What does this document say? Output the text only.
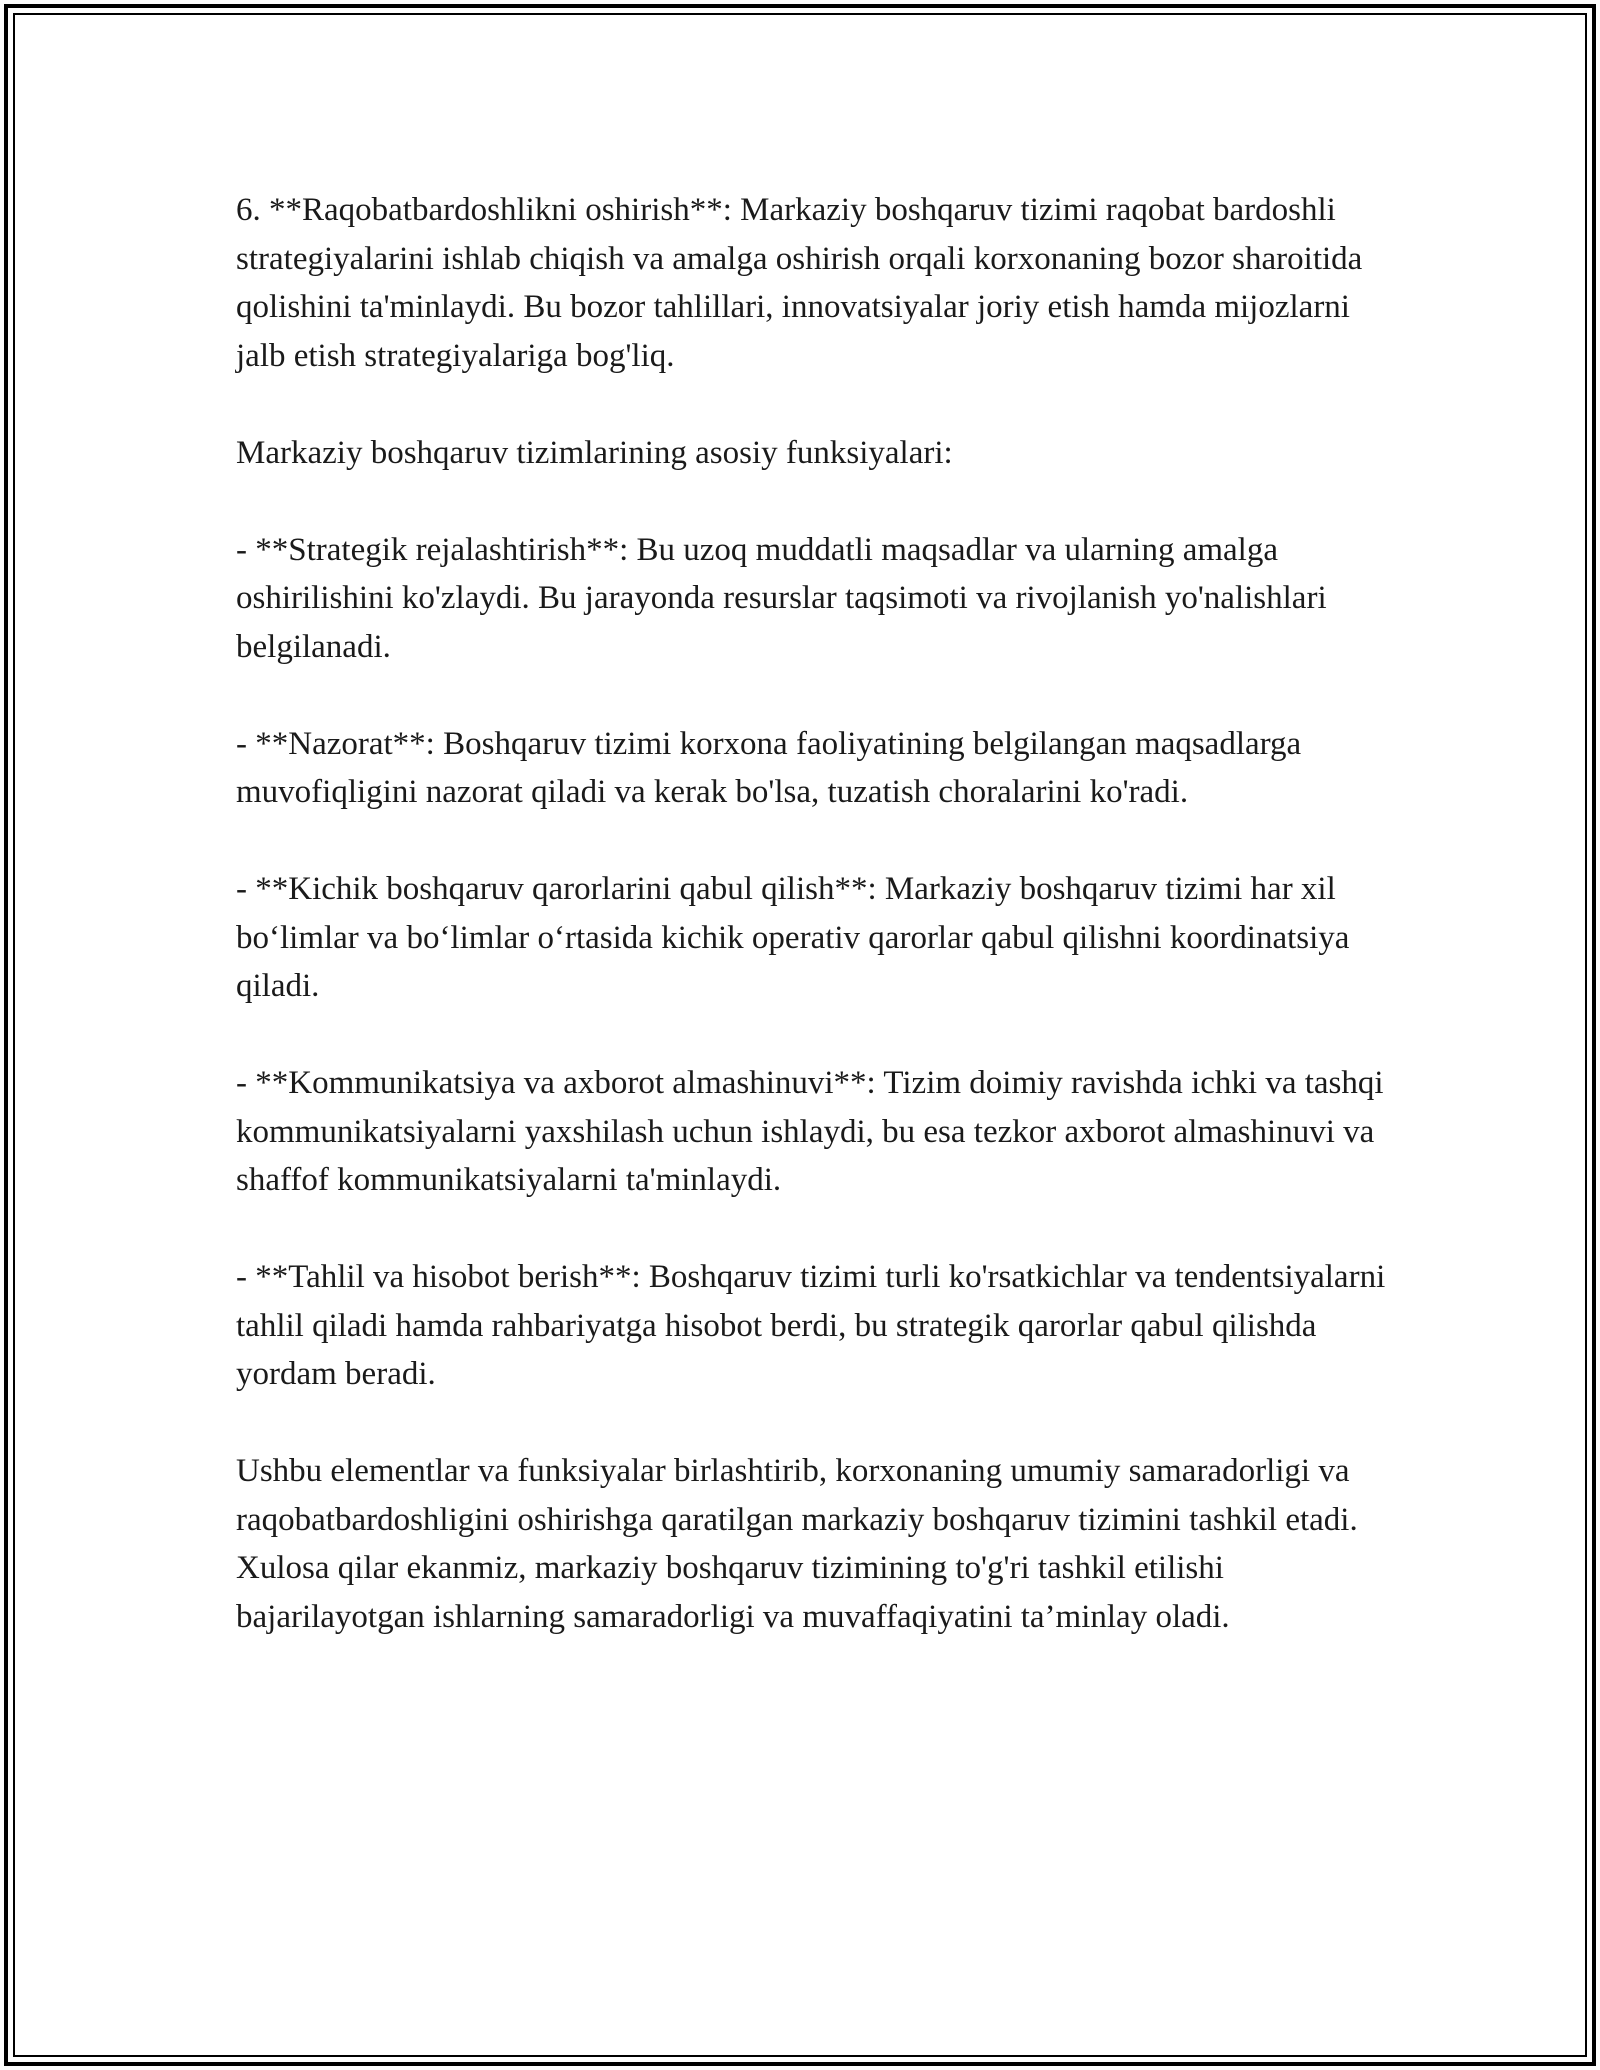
6. **Raqobatbardoshlikni oshirish**: Markaziy boshqaruv tizimi raqobat bardoshli strategiyalarini ishlab chiqish va amalga oshirish orqali korxonaning bozor sharoitida qolishini ta'minlaydi. Bu bozor tahlillari, innovatsiyalar joriy etish hamda mijozlarni jalb etish strategiyalariga bog'liq.

Markaziy boshqaruv tizimlarining asosiy funksiyalari:

- **Strategik rejalashtirish**: Bu uzoq muddatli maqsadlar va ularning amalga oshirilishini ko'zlaydi. Bu jarayonda resurslar taqsimoti va rivojlanish yo'nalishlari belgilanadi.

- **Nazorat**: Boshqaruv tizimi korxona faoliyatining belgilangan maqsadlarga muvofiqligini nazorat qiladi va kerak bo'lsa, tuzatish choralarini ko'radi.

- **Kichik boshqaruv qarorlarini qabul qilish**: Markaziy boshqaruv tizimi har xil bo‘limlar va bo‘limlar o‘rtasida kichik operativ qarorlar qabul qilishni koordinatsiya qiladi.

- **Kommunikatsiya va axborot almashinuvi**: Tizim doimiy ravishda ichki va tashqi kommunikatsiyalarni yaxshilash uchun ishlaydi, bu esa tezkor axborot almashinuvi va shaffof kommunikatsiyalarni ta'minlaydi.

- **Tahlil va hisobot berish**: Boshqaruv tizimi turli ko'rsatkichlar va tendentsiyalarni tahlil qiladi hamda rahbariyatga hisobot berdi, bu strategik qarorlar qabul qilishda yordam beradi.

Ushbu elementlar va funksiyalar birlashtirib, korxonaning umumiy samaradorligi va raqobatbardoshligini oshirishga qaratilgan markaziy boshqaruv tizimini tashkil etadi. Xulosa qilar ekanmiz, markaziy boshqaruv tizimining to'g'ri tashkil etilishi bajarilayotgan ishlarning samaradorligi va muvaffaqiyatini ta’minlay oladi.
